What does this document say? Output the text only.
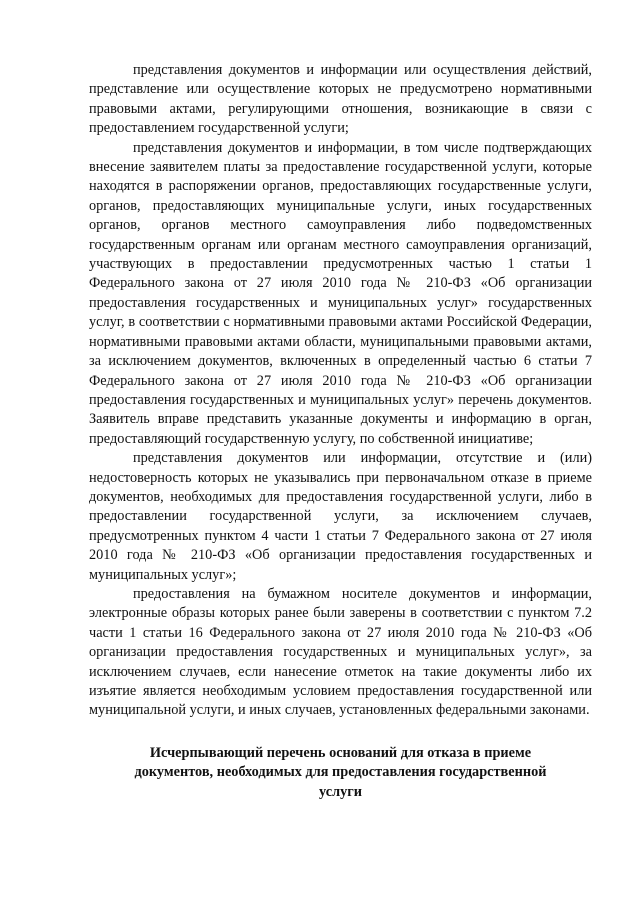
представления документов и информации или осуществления действий, представление или осуществление которых не предусмотрено нормативными правовыми актами, регулирующими отношения, возникающие в связи с предоставлением государственной услуги;

представления документов и информации, в том числе подтверждающих внесение заявителем платы за предоставление государственной услуги, которые находятся в распоряжении органов, предоставляющих государственные услуги, органов, предоставляющих муниципальные услуги, иных государственных органов, органов местного самоуправления либо подведомственных государственным органам или органам местного самоуправления организаций, участвующих в предоставлении предусмотренных частью 1 статьи 1 Федерального закона от 27 июля 2010 года № 210-ФЗ «Об организации предоставления государственных и муниципальных услуг» государственных услуг, в соответствии с нормативными правовыми актами Российской Федерации, нормативными правовыми актами области, муниципальными правовыми актами, за исключением документов, включенных в определенный частью 6 статьи 7 Федерального закона от 27 июля 2010 года № 210-ФЗ «Об организации предоставления государственных и муниципальных услуг» перечень документов. Заявитель вправе представить указанные документы и информацию в орган, предоставляющий государственную услугу, по собственной инициативе;

представления документов или информации, отсутствие и (или) недостоверность которых не указывались при первоначальном отказе в приеме документов, необходимых для предоставления государственной услуги, либо в предоставлении государственной услуги, за исключением случаев, предусмотренных пунктом 4 части 1 статьи 7 Федерального закона от 27 июля 2010 года № 210-ФЗ «Об организации предоставления государственных и муниципальных услуг»;

предоставления на бумажном носителе документов и информации, электронные образы которых ранее были заверены в соответствии с пунктом 7.2 части 1 статьи 16 Федерального закона от 27 июля 2010 года № 210-ФЗ «Об организации предоставления государственных и муниципальных услуг», за исключением случаев, если нанесение отметок на такие документы либо их изъятие является необходимым условием предоставления государственной или муниципальной услуги, и иных случаев, установленных федеральными законами.

Исчерпывающий перечень оснований для отказа в приеме документов, необходимых для предоставления государственной услуги
